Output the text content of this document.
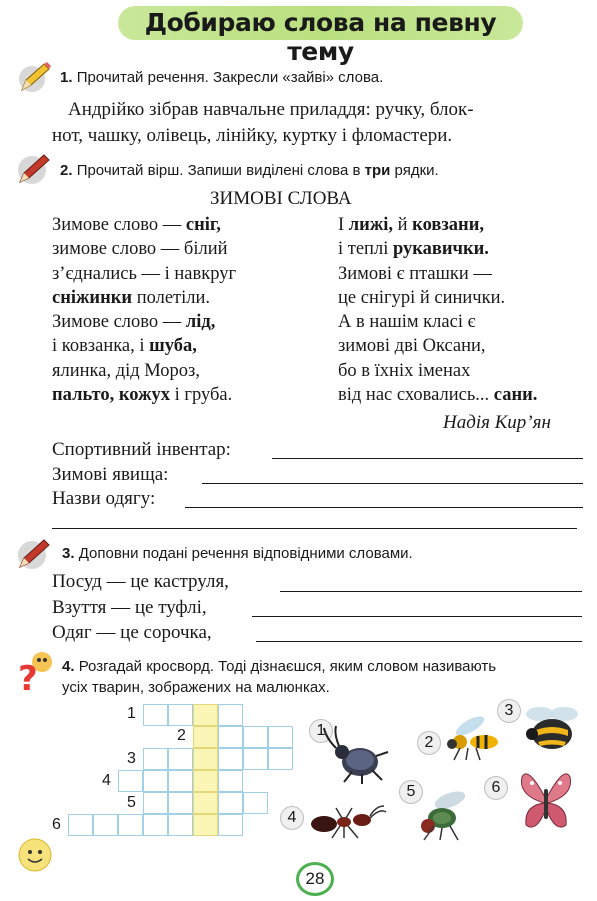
Добираю слова на певну тему
1. Прочитай речення. Закресли «зайві» слова.
Андрійко зібрав навчальне приладдя: ручку, блок-
нот, чашку, олівець, лінійку, куртку і фломастери.
2. Прочитай вірш. Запиши виділені слова в три рядки.
ЗИМОВІ СЛОВА
Зимове слово — сніг,
зимове слово — білий
з’єднались — і навкруг
сніжинки полетіли.
Зимове слово — лід,
і ковзанка, і шуба,
ялинка, дід Мороз,
пальто, кожух і груба.
І лижі, й ковзани,
і теплі рукавички.
Зимові є пташки —
це снігурі й синички.
А в нашім класі є
зимові дві Оксани,
бо в їхніх іменах
від нас сховались... сани.
Надія Кир’ян
Спортивний інвентар:
Зимові явища:
Назви одягу:
3. Доповни подані речення відповідними словами.
Посуд — це каструля,
Взуття — це туфлі,
Одяг — це сорочка,
? 4. Розгадай кросворд. Тоді дізнаєшся, яким словом називають
усіх тварин, зображених на малюнках.
1
2
3
4
5
6
1
2
3
4
5	6
28
